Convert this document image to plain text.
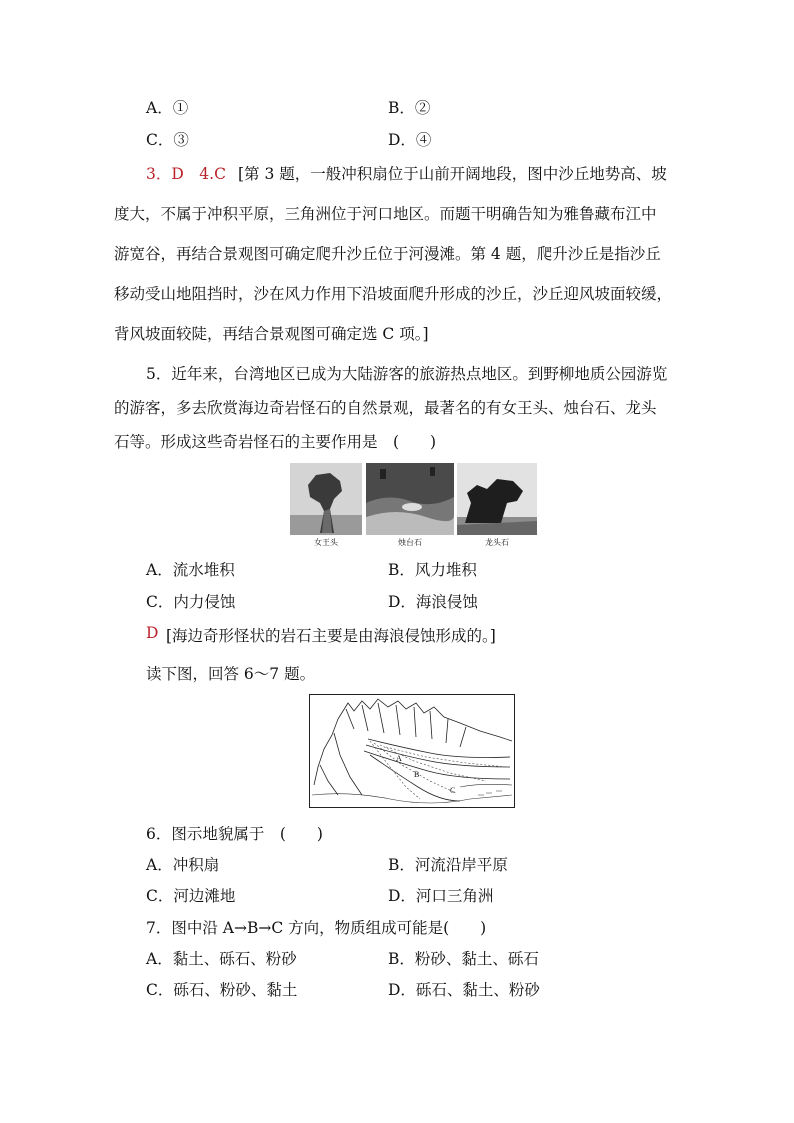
A．①	B．②
C．③	D．④
3．D　4.C [第 3 题，一般冲积扇位于山前开阔地段，图中沙丘地势高、坡
度大，不属于冲积平原，三角洲位于河口地区。而题干明确告知为雅鲁藏布江中
游宽谷，再结合景观图可确定爬升沙丘位于河漫滩。第 4 题，爬升沙丘是指沙丘
移动受山地阻挡时，沙在风力作用下沿坡面爬升形成的沙丘，沙丘迎风坡面较缓，
背风坡面较陡，再结合景观图可确定选 C 项。]
5．近年来，台湾地区已成为大陆游客的旅游热点地区。到野柳地质公园游览
的游客，多去欣赏海边奇岩怪石的自然景观，最著名的有女王头、烛台石、龙头
石等。形成这些奇岩怪石的主要作用是　(　　)
女王头	烛台石	龙头石
A．流水堆积	B．风力堆积
C．内力侵蚀	D．海浪侵蚀
D [海边奇形怪状的岩石主要是由海浪侵蚀形成的。]
读下图，回答 6～7 题。
A
B
C
6．图示地貌属于　(　　)
A．冲积扇	B．河流沿岸平原
C．河边滩地	D．河口三角洲
7．图中沿 A→B→C 方向，物质组成可能是(　　)
A．黏土、砾石、粉砂	B．粉砂、黏土、砾石
C．砾石、粉砂、黏土	D．砾石、黏土、粉砂
